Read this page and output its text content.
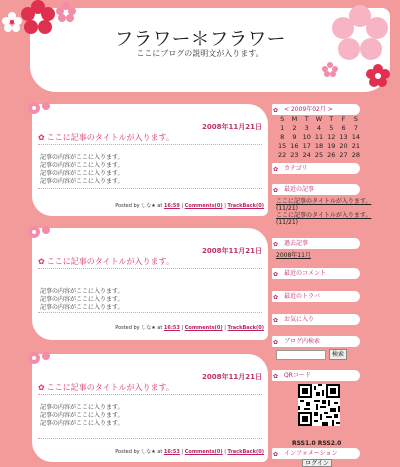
フラワー＊フラワー
ここにブログの説明文が入ります。
2008年11月21日
✿ ここに記事のタイトルが入ります。
記事の内容がここに入ります。
記事の内容がここに入ります。
記事の内容がここに入ります。
記事の内容がここに入ります。
Posted by しな★ at 16:59 | Comments(0) | TrackBack(0)
2008年11月21日
✿ ここに記事のタイトルが入ります。
記事の内容がここに入ります。
記事の内容がここに入ります。
記事の内容がここに入ります。
Posted by しな★ at 16:53 | Comments(0) | TrackBack(0)
2008年11月21日
✿ ここに記事のタイトルが入ります。
記事の内容がここに入ります。
記事の内容がここに入ります。
記事の内容がここに入ります。
Posted by しな★ at 16:53 | Comments(0) | TrackBack(0)
✿ < 2009年02月 >
S	M	T	W	T	F	S
1	2	3	4	5	6	7
8	9	10	11	12	13	14
15	16	17	18	19	20	21
22	23	24	25	26	27	28
✿ カテゴリ
✿ 最近の記事
ここに記事のタイトルが入ります。
(11/21)
ここに記事のタイトルが入ります。
(11/21)
✿ 過去記事
2008年11月
✿ 最近のコメント
✿ 最近のトラバ
✿ お気に入り
✿ ブログ内検索
検索
✿ QRコード
RSS1.0 RSS2.0
✿ インフォメーション
ログイン
